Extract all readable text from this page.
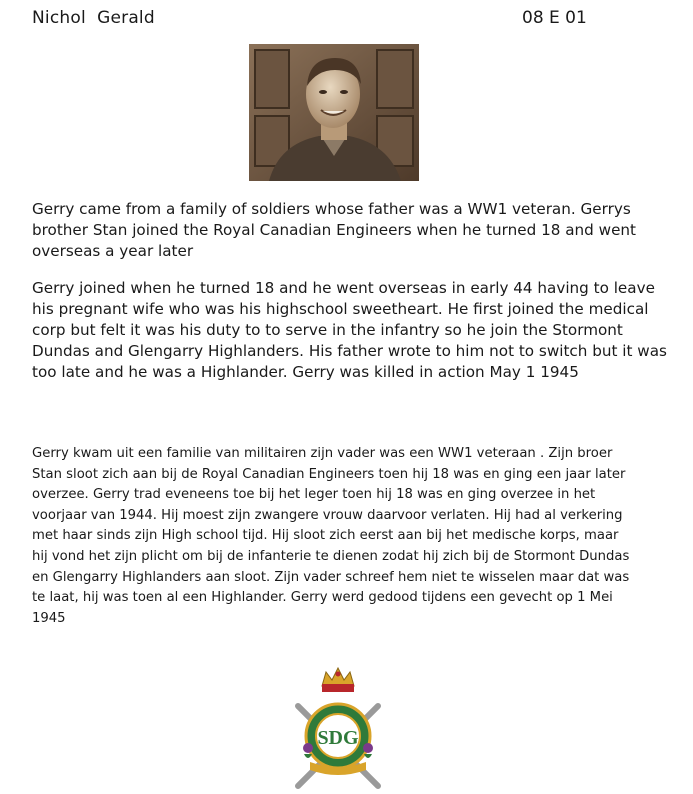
Nichol  Gerald	08 E 01

Gerry came from a family of soldiers whose father was a WW1 veteran. Gerrys brother Stan joined the Royal Canadian Engineers when he turned 18 and went overseas a year later

Gerry joined when he turned 18 and he went overseas in early 44 having to leave his pregnant wife who was his highschool sweetheart. He first joined the medical corp but felt it was his duty to to serve in the infantry so he join the Stormont Dundas and Glengarry Highlanders. His father wrote to him not to switch but it was too late and he was a Highlander. Gerry was killed in action May 1 1945

Gerry kwam uit een familie van militairen zijn vader was een WW1 veteraan . Zijn broer Stan sloot zich aan bij de Royal Canadian Engineers toen hij 18 was en ging een jaar later overzee. Gerry trad eveneens toe bij het leger toen hij 18 was en ging overzee in het voorjaar van 1944. Hij moest zijn zwangere vrouw daarvoor verlaten. Hij had al verkering met haar sinds zijn High school tijd. Hij sloot zich eerst aan bij het medische korps, maar hij vond het zijn plicht om bij de infanterie te dienen zodat hij zich bij de Stormont Dundas en Glengarry Highlanders aan sloot. Zijn vader schreef hem niet te wisselen maar dat was te laat, hij was toen al een Highlander. Gerry werd gedood tijdens een gevecht op 1 Mei 1945

SDG
